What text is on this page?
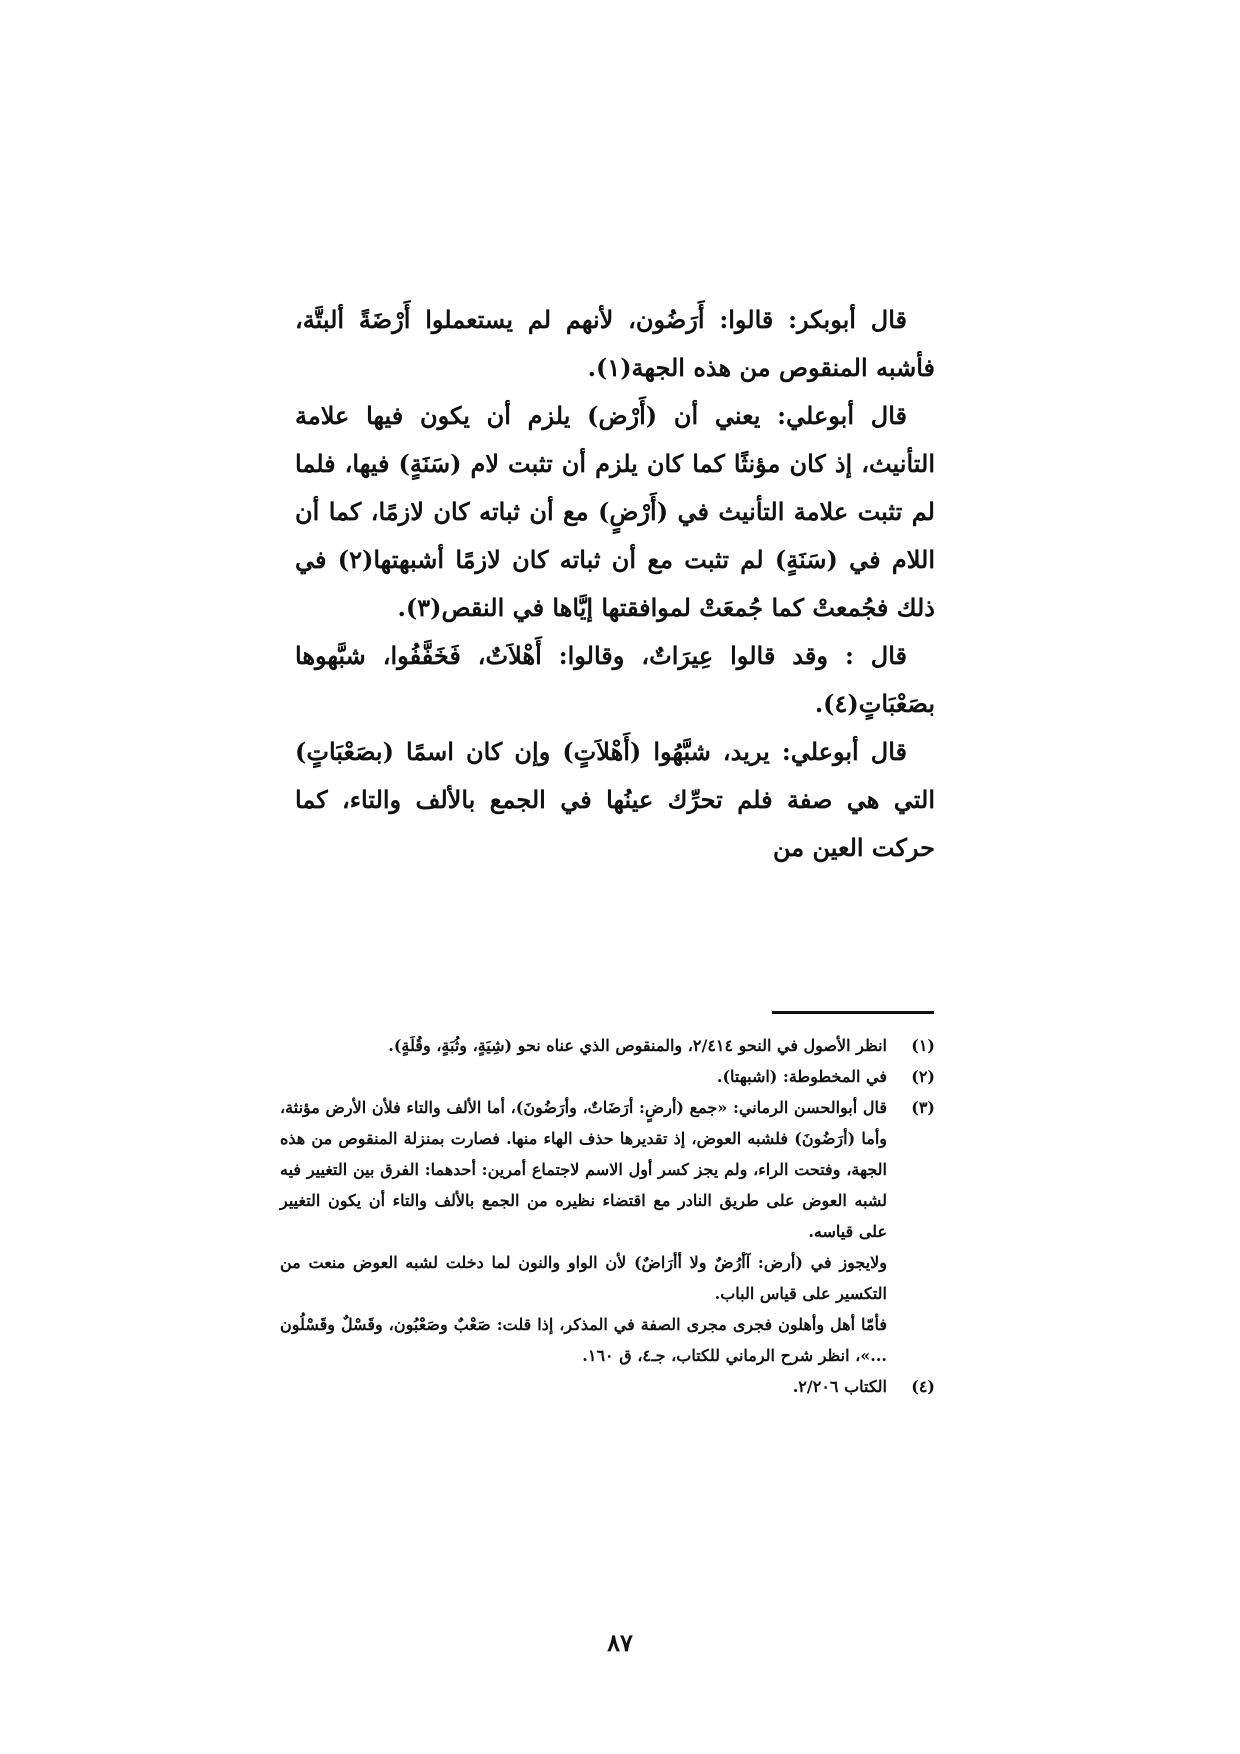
قال أبوبكر: قالوا: أَرَضُون، لأنهم لم يستعملوا أَرْضَةً ألبتَّة، فأشبه المنقوص من هذه الجهة(١).

قال أبوعلي: يعني أن (أَرْض) يلزم أن يكون فيها علامة التأنيث، إذ كان مؤنثًا كما كان يلزم أن تثبت لام (سَنَةٍ) فيها، فلما لم تثبت علامة التأنيث في (أَرْضٍ) مع أن ثباته كان لازمًا، كما أن اللام في (سَنَةٍ) لم تثبت مع أن ثباته كان لازمًا أشبهتها(٢) في ذلك فجُمعتْ كما جُمعَتْ لموافقتها إيَّاها في النقص(٣).

قال : وقد قالوا عِيرَاتٌ، وقالوا: أَهْلاَتٌ، فَخَفَّفُوا، شبَّهوها بصَعْبَاتٍ(٤).

قال أبوعلي: يريد، شبَّهُوا (أَهْلاَتٍ) وإن كان اسمًا (بصَعْبَاتٍ) التي هي صفة فلم تحرِّك عينُها في الجمع بالألف والتاء، كما حركت العين من

(١)

انظر الأصول في النحو ٢/٤١٤، والمنقوص الذي عناه نحو (شِيَةٍ، وثُبَةٍ، وقُلَةٍ).

(٢)

في المخطوطة: (اشبهتا).

(٣)

قال أبوالحسن الرماني: «جمع (أرضٍ: أرَضَاتٌ، وأرَضُونَ)، أما الألف والتاء فلأن الأرض مؤنثة، وأما (أرَضُونَ) فلشبه العوض، إذ تقديرها حذف الهاء منها. فصارت بمنزلة المنقوص من هذه الجهة، وفتحت الراء، ولم يجز كسر أول الاسم لاجتماع أمرين: أحدهما: الفرق بين التغيير فيه لشبه العوض على طريق النادر مع اقتضاء نظيره من الجمع بالألف والتاء أن يكون التغيير على قياسه.

ولايجوز في (أرض: آأرُضٌ ولا أأرَاضٌ) لأن الواو والنون لما دخلت لشبه العوض منعت من التكسير على قياس الباب.

فأمّا أهل وأهلون فجرى مجرى الصفة في المذكر، إذا قلت: صَعْبٌ وصَعْبُون، وقَسْلٌ وقَسْلُون ...»، انظر شرح الرماني للكتاب، جـ٤، ق ١٦٠.

(٤)

الكتاب ٢/٢٠٦.

٨٧
